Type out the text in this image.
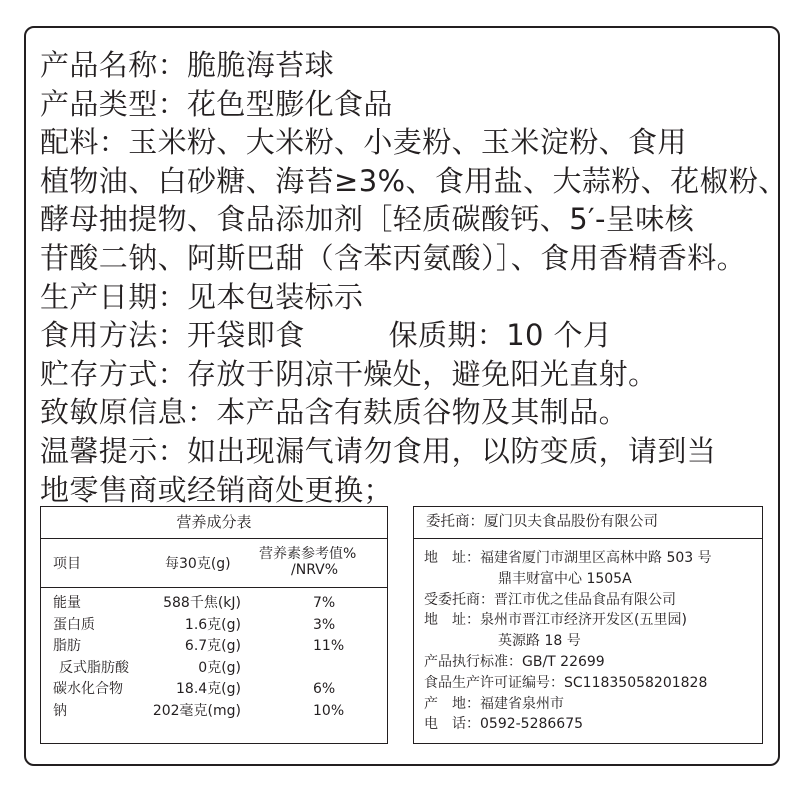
产品名称：脆脆海苔球
产品类型：花色型膨化食品
配料：玉米粉、大米粉、小麦粉、玉米淀粉、食用
植物油、白砂糖、海苔≥3%、食用盐、大蒜粉、花椒粉、
酵母抽提物、食品添加剂［轻质碳酸钙、5′-呈味核
苷酸二钠、阿斯巴甜（含苯丙氨酸）］、食用香精香料。
生产日期：见本包装标示
食用方法：开袋即食	保质期：10 个月
贮存方式：存放于阴凉干燥处，避免阳光直射。
致敏原信息：本产品含有麸质谷物及其制品。
温馨提示：如出现漏气请勿食用，以防变质，请到当
地零售商或经销商处更换；
营养成分表
项目	每30克(g)
营养素参考值%
/NRV%
能量	588千焦(kJ)	7%
蛋白质	1.6克(g)	3%
脂肪	6.7克(g)	11%
反式脂肪酸	0克(g)
碳水化合物	18.4克(g)	6%
钠	202毫克(mg)	10%
委托商：厦门贝夫食品股份有限公司
地　址：福建省厦门市湖里区高林中路 503 号
鼎丰财富中心 1505A
受委托商：晋江市优之佳品食品有限公司
地　址：泉州市晋江市经济开发区(五里园)
英源路 18 号
产品执行标准：GB/T 22699
食品生产许可证编号：SC11835058201828
产　地：福建省泉州市
电　话：0592-5286675
